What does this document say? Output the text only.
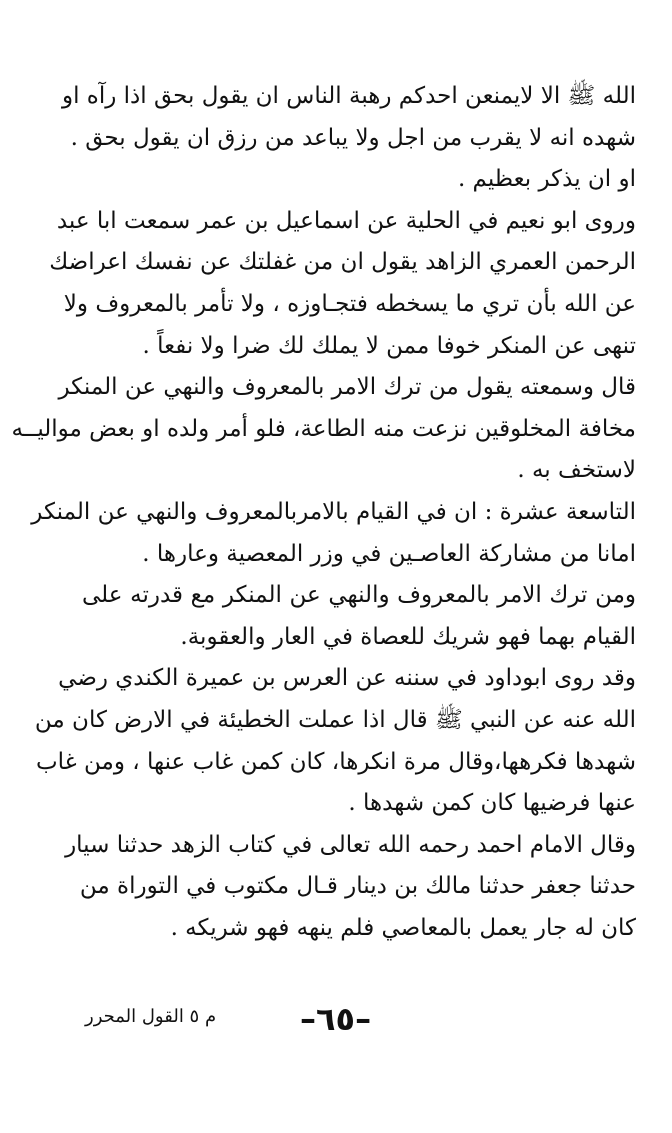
الله ﷺ الا لايمنعن احدكم رهبة الناس ان يقول بحق اذا رآه او
شهده انه لا يقرب من اجل ولا يباعد من رزق ان يقول بحق .
او ان يذكر بعظيم .
وروى ابو نعيم في الحلية عن اسماعيل بن عمر سمعت ابا عبد
الرحمن العمري الزاهد يقول ان من غفلتك عن نفسك اعراضك
عن الله بأن تري ما يسخطه فتجـاوزه ، ولا تأمر بالمعروف ولا
تنهى عن المنكر خوفا ممن لا يملك لك ضرا ولا نفعاً .
قال وسمعته يقول من ترك الامر بالمعروف والنهي عن المنكر
مخافة المخلوقين نزعت منه الطاعة، فلو أمر ولده او بعض مواليــه
لاستخف به .
التاسعة عشرة : ان في القيام بالامربالمعروف والنهي عن المنكر
امانا من مشاركة العاصـين في وزر المعصية وعارها .
ومن ترك الامر بالمعروف والنهي عن المنكر مع قدرته على
القيام بهما فهو شريك للعصاة في العار والعقوبة.
وقد روى ابوداود في سننه عن العرس بن عميرة الكندي رضي
الله عنه عن النبي ﷺ قال اذا عملت الخطيئة في الارض كان من
شهدها فكرهها،وقال مرة انكرها، كان كمن غاب عنها ، ومن غاب
عنها فرضيها كان كمن شهدها .
وقال الامام احمد رحمه الله تعالى في كتاب الزهد حدثنا سيار
حدثنا جعفر حدثنا مالك بن دينار قـال مكتوب في التوراة من
كان له جار يعمل بالمعاصي فلم ينهه فهو شريكه .
م ٥ القول المحرر	–٦٥–
